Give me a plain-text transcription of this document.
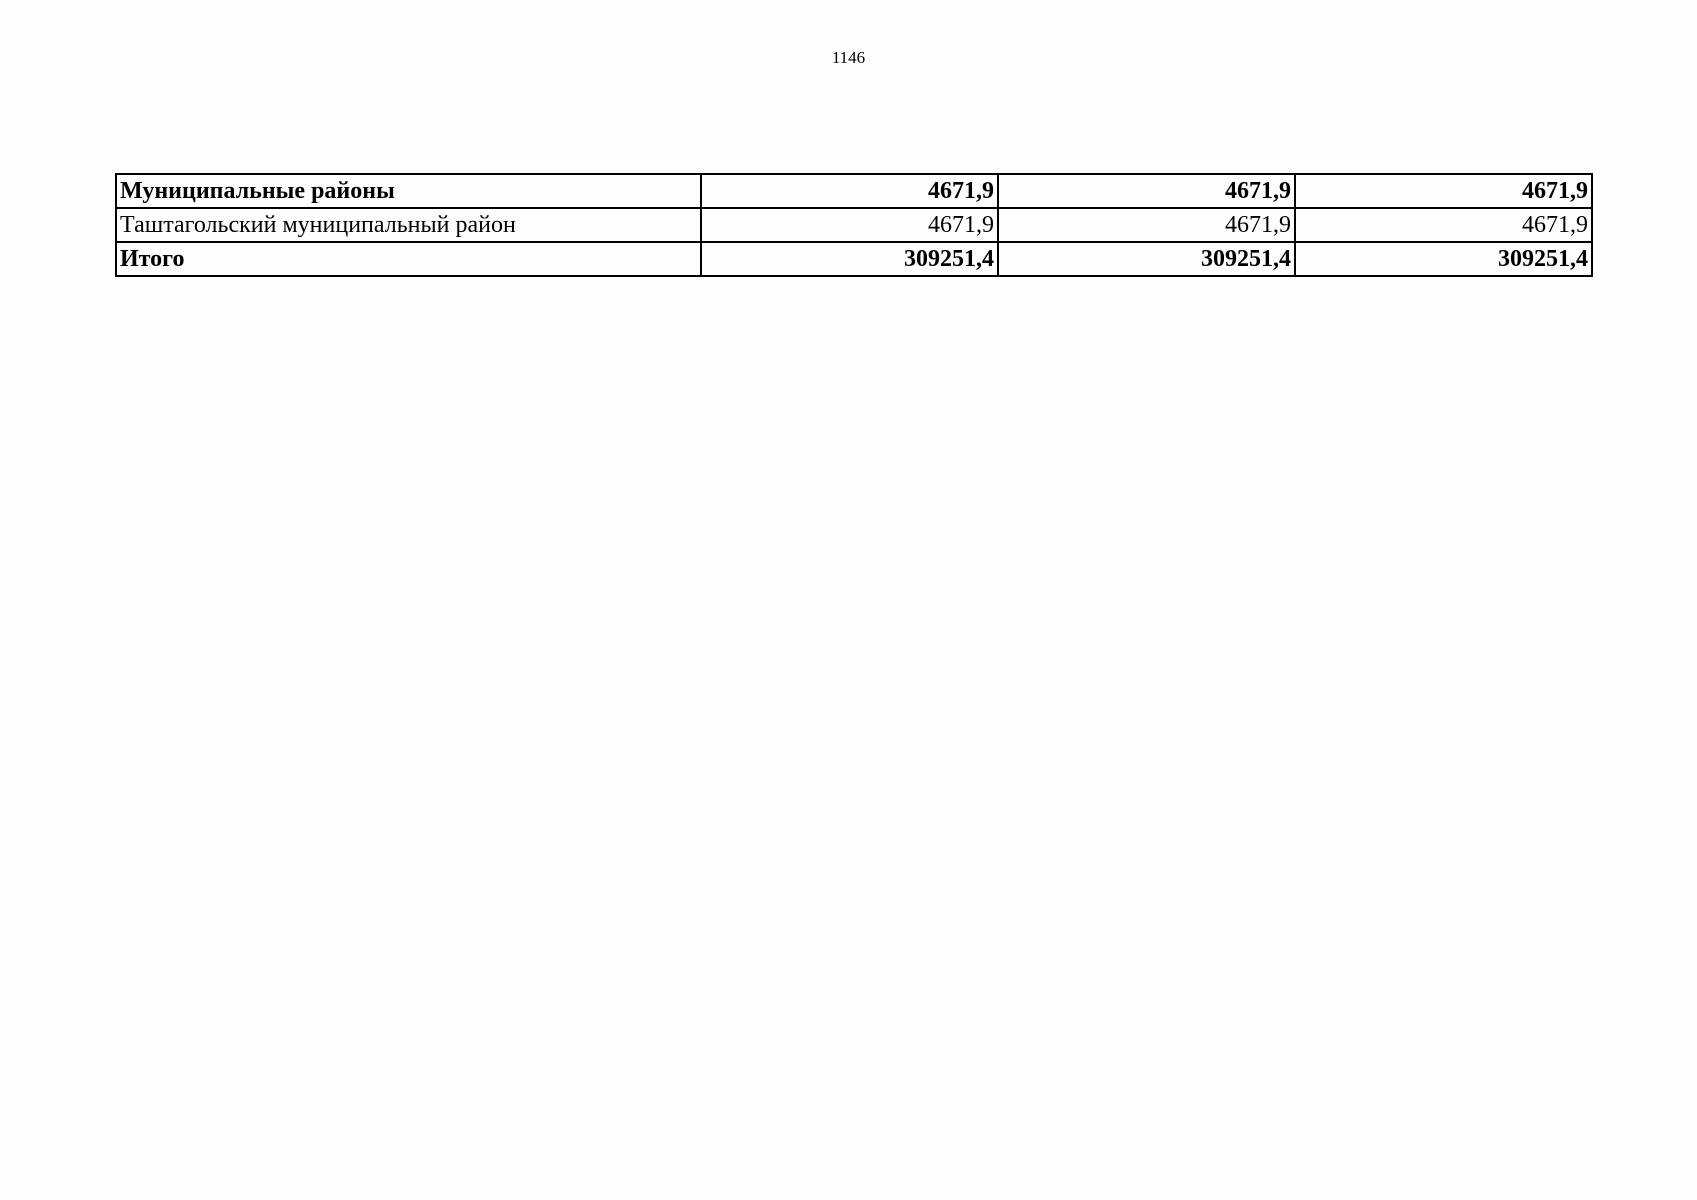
1146
Муниципальные районы	4671,9	4671,9	4671,9
Таштагольский муниципальный район	4671,9	4671,9	4671,9
Итого	309251,4	309251,4	309251,4
